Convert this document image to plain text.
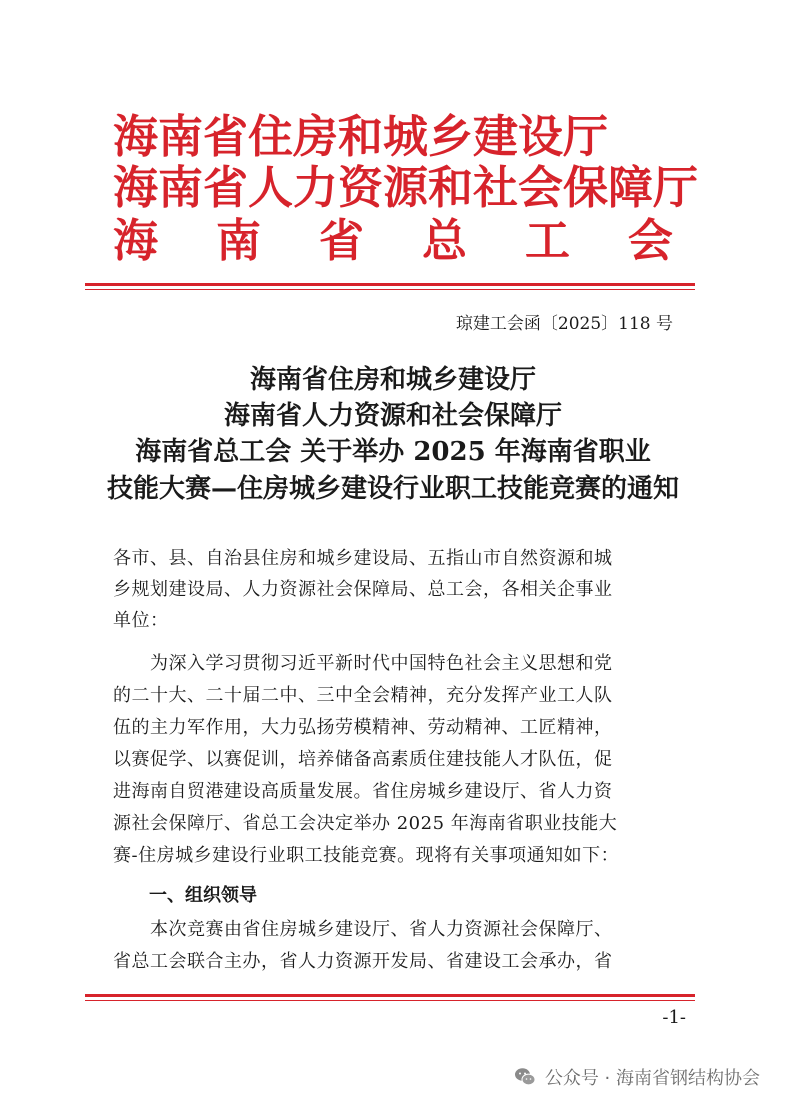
海南省住房和城乡建设厅
海南省人力资源和社会保障厅
海 南 省 总 工 会
琼建工会函〔2025〕118 号
海南省住房和城乡建设厅
海南省人力资源和社会保障厅
海南省总工会 关于举办 2025 年海南省职业
技能大赛—住房城乡建设行业职工技能竞赛的通知
各市、县、自治县住房和城乡建设局、五指山市自然资源和城
乡规划建设局、人力资源社会保障局、总工会，各相关企事业
单位：
　　为深入学习贯彻习近平新时代中国特色社会主义思想和党
的二十大、二十届二中、三中全会精神，充分发挥产业工人队
伍的主力军作用，大力弘扬劳模精神、劳动精神、工匠精神，
以赛促学、以赛促训，培养储备高素质住建技能人才队伍，促
进海南自贸港建设高质量发展。省住房城乡建设厅、省人力资
源社会保障厅、省总工会决定举办 2025 年海南省职业技能大
赛-住房城乡建设行业职工技能竞赛。现将有关事项通知如下：
一、组织领导
　　本次竞赛由省住房城乡建设厅、省人力资源社会保障厅、
省总工会联合主办，省人力资源开发局、省建设工会承办，省
-1-
公众号 · 海南省钢结构协会
